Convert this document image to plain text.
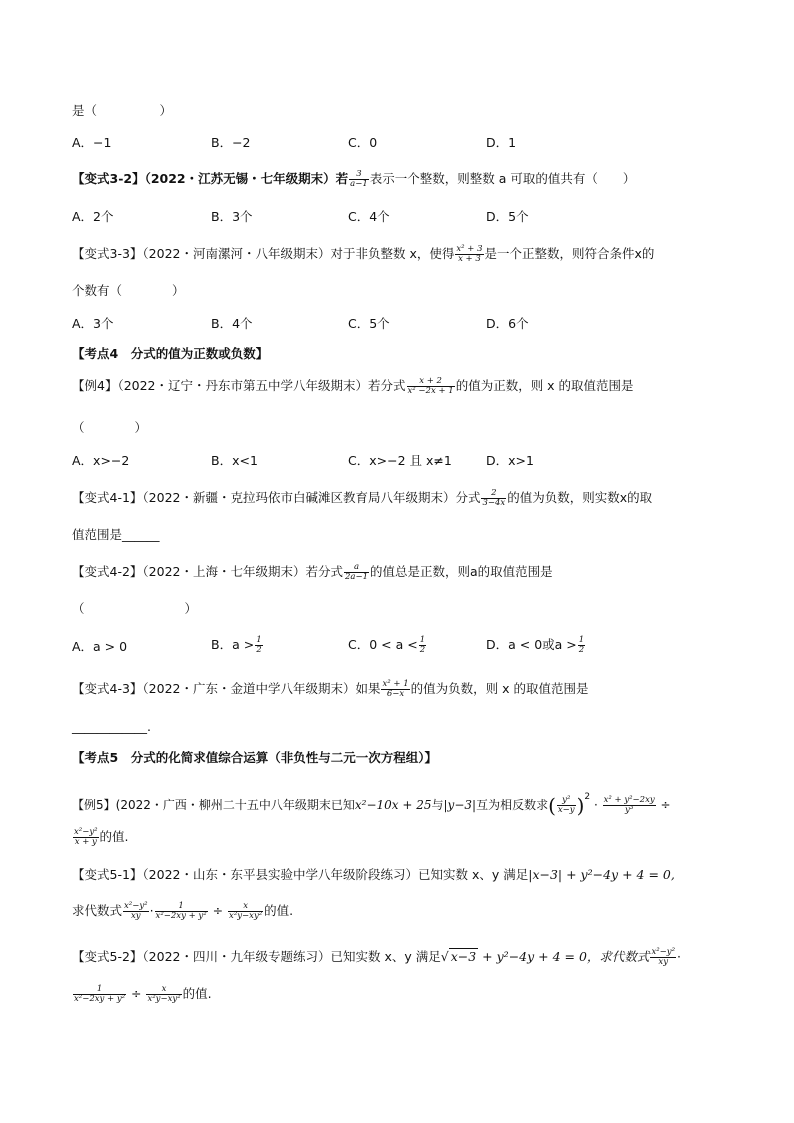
是（　　　　　）
A．−1	B．−2	C．0	D．1
【变式3-2】（2022・江苏无锡・七年级期末）若 $\frac{3}{a-1}$ 表示一个整数，则整数 a 可取的值共有（　　）
A．2个	B．3个	C．4个	D．5个
【变式3-3】（2022・河南漯河・八年级期末）对于非负整数 x，使得 $\frac{\text{x² + 3}}{x + 3}$ 是一个正整数，则符合条件x的
个数有（　　　　）
A．3个	B．4个	C．5个	D．6个
【考点4　分式的值为正数或负数】
【例4】（2022・辽宁・丹东市第五中学八年级期末）若分式 $\frac{x + 2}{\text{x² −2x + 1}}$ 的值为正数，则 x 的取值范围是
（　　　　）
A．x>−2	B．x<1	C．x>−2 且 x≠1	D．x>1
【变式4-1】（2022・新疆・克拉玛依市白碱滩区教育局八年级期末）分式 $\frac{2}{3-4x}$ 的值为负数，则实数x的取
值范围是______
【变式4-2】（2022・上海・七年级期末）若分式 $\frac{a}{2a-1}$ 的值总是正数，则a的取值范围是
（　　　　　　　　）
A．a > 0	B．$a > \frac{1}{2}$	C．$0 < a < \frac{1}{2}$	D．a < 0或$a > \frac{1}{2}$
【变式4-3】（2022・广东・金道中学八年级期末）如果 $\frac{\text{x² + 1}}{6-x}$ 的值为负数，则 x 的取值范围是
____________.
【考点5　分式的化简求值综合运算（非负性与二元一次方程组）】
【例5】(2022・广西・柳州二十五中八年级期末已知x²−10x + 25与|y−3|互为相反数求( $\frac{\text{y²}}{x-y} )^2 \cdot \frac{\text{x² + y²−2xy}}{\text{y³}}$ ÷
$\frac{\text{x²−y²}}{x + y}$ 的值.
【变式5-1】（2022・山东・东平县实验中学八年级阶段练习）已知实数 x、y 满足|x−3| + y²−4y + 4 = 0,
求代数式 $\frac{\text{x²−y²}}{xy} \cdot \frac{1}{\text{x²−2xy + y²}} \div \frac{x}{\text{x²y−xy²}}$ 的值.
【变式5-2】（2022・四川・九年级专题练习）已知实数 x、y 满足√ x−3 + y²−4y + 4 = 0，求代数式 $\frac{\text{x²−y²}}{xy}$ ·
$\frac{1}{\text{x²−2xy + y²}} \div \frac{x}{\text{x²y−xy²}}$ 的值.
